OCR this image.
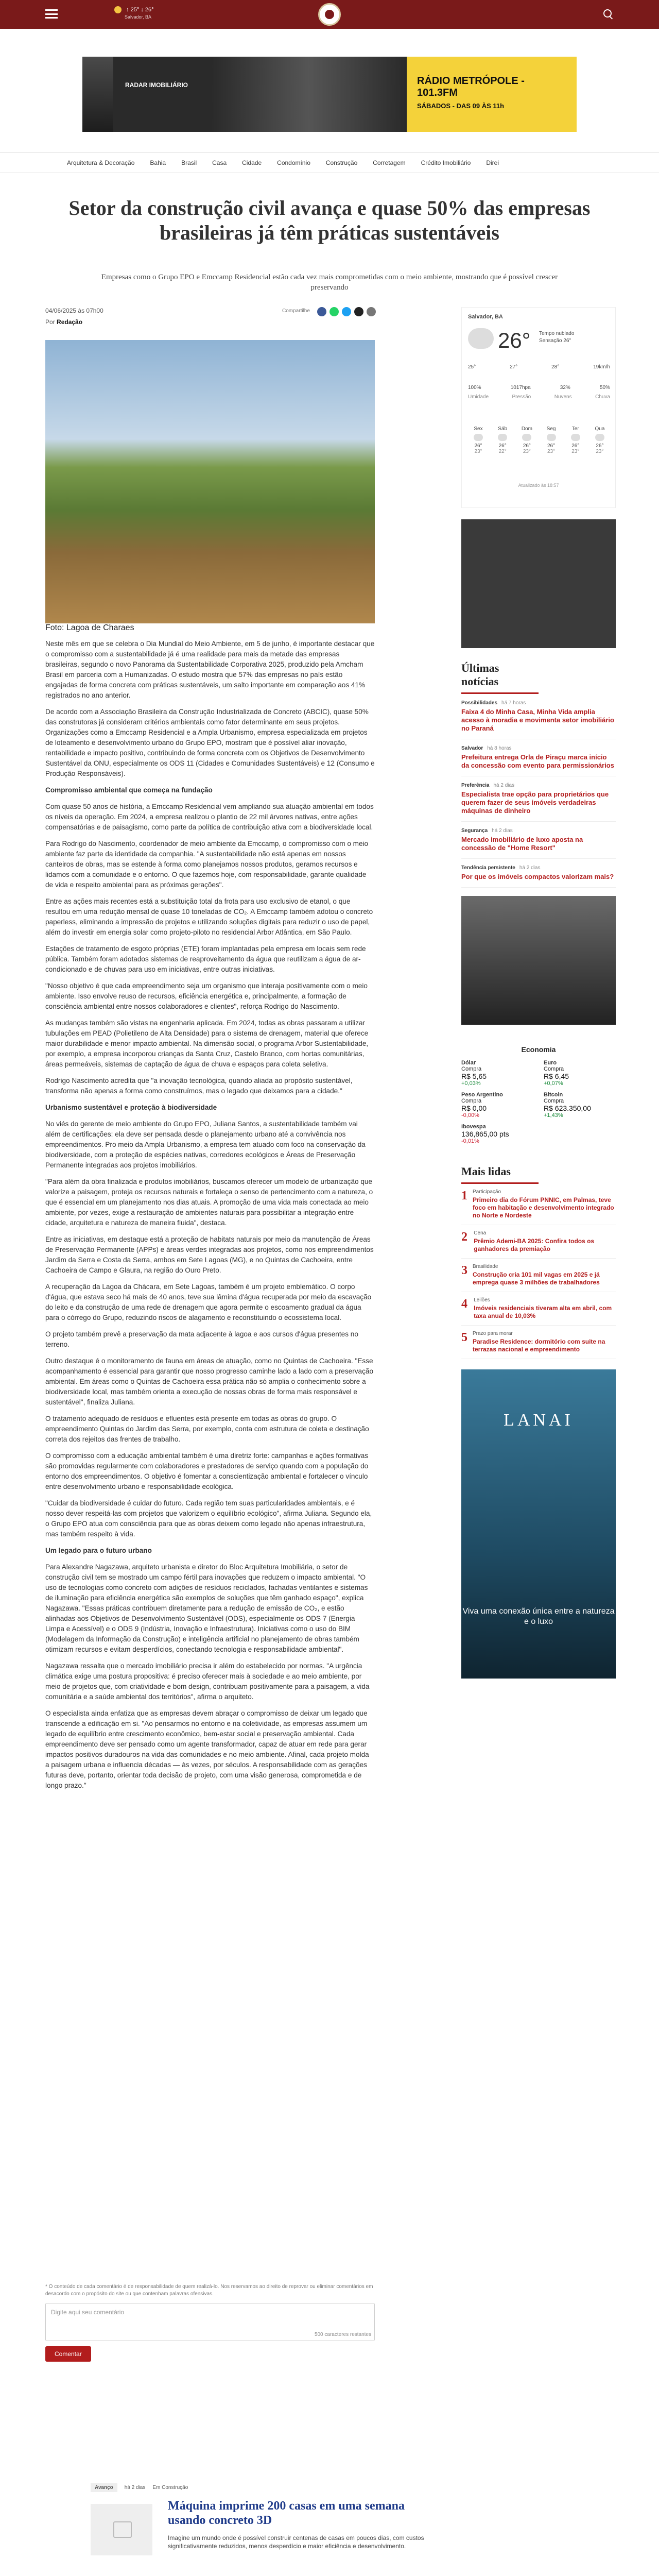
↑ 25° ↓ 26°
Salvador, BA
RADAR IMOBILIÁRIO	RÁDIO METRÓPOLE - 101.3FM
SÁBADOS - DAS 09 ÀS 11h
Arquitetura & Decoração	Bahia	Brasil	Casa	Cidade	Condomínio	Construção	Corretagem	Crédito Imobiliário	Direi
Setor da construção civil avança e quase 50% das empresas brasileiras já têm práticas sustentáveis

Empresas como o Grupo EPO e Emccamp Residencial estão cada vez mais comprometidas com o meio ambiente, mostrando que é possível crescer preservando

04/06/2025 às 07h00
Por Redação
Compartilhe
Foto: Lagoa de Charaes

Neste mês em que se celebra o Dia Mundial do Meio Ambiente, em 5 de junho, é importante destacar que o compromisso com a sustentabilidade já é uma realidade para mais da metade das empresas brasileiras, segundo o novo Panorama da Sustentabilidade Corporativa 2025, produzido pela Amcham Brasil em parceria com a Humanizadas. O estudo mostra que 57% das empresas no país estão engajadas de forma concreta com práticas sustentáveis, um salto importante em comparação aos 41% registrados no ano anterior.

De acordo com a Associação Brasileira da Construção Industrializada de Concreto (ABCIC), quase 50% das construtoras já consideram critérios ambientais como fator determinante em seus projetos. Organizações como a Emccamp Residencial e a Ampla Urbanismo, empresa especializada em projetos de loteamento e desenvolvimento urbano do Grupo EPO, mostram que é possível aliar inovação, rentabilidade e impacto positivo, contribuindo de forma concreta com os Objetivos de Desenvolvimento Sustentável da ONU, especialmente os ODS 11 (Cidades e Comunidades Sustentáveis) e 12 (Consumo e Produção Responsáveis).

Compromisso ambiental que começa na fundação

Com quase 50 anos de história, a Emccamp Residencial vem ampliando sua atuação ambiental em todos os níveis da operação. Em 2024, a empresa realizou o plantio de 22 mil árvores nativas, entre ações compensatórias e de paisagismo, como parte da política de contribuição ativa com a biodiversidade local.

Para Rodrigo do Nascimento, coordenador de meio ambiente da Emccamp, o compromisso com o meio ambiente faz parte da identidade da companhia. "A sustentabilidade não está apenas em nossos canteiros de obras, mas se estende à forma como planejamos nossos produtos, geramos recursos e lidamos com a comunidade e o entorno. O que fazemos hoje, com responsabilidade, garante qualidade de vida e respeito ambiental para as próximas gerações".

Entre as ações mais recentes está a substituição total da frota para uso exclusivo de etanol, o que resultou em uma redução mensal de quase 10 toneladas de CO₂. A Emccamp também adotou o concreto paperless, eliminando a impressão de projetos e utilizando soluções digitais para reduzir o uso de papel, além do investir em energia solar como projeto-piloto no residencial Arbor Atlântica, em São Paulo.

Estações de tratamento de esgoto próprias (ETE) foram implantadas pela empresa em locais sem rede pública. Também foram adotados sistemas de reaproveitamento da água que reutilizam a água de ar-condicionado e de chuvas para uso em iniciativas, entre outras iniciativas.

"Nosso objetivo é que cada empreendimento seja um organismo que interaja positivamente com o meio ambiente. Isso envolve reuso de recursos, eficiência energética e, principalmente, a formação de consciência ambiental entre nossos colaboradores e clientes", reforça Rodrigo do Nascimento.

As mudanças também são vistas na engenharia aplicada. Em 2024, todas as obras passaram a utilizar tubulações em PEAD (Polietileno de Alta Densidade) para o sistema de drenagem, material que oferece maior durabilidade e menor impacto ambiental. Na dimensão social, o programa Arbor Sustentabilidade, por exemplo, a empresa incorporou crianças da Santa Cruz, Castelo Branco, com hortas comunitárias, áreas permeáveis, sistemas de captação de água de chuva e espaços para coleta seletiva.

Rodrigo Nascimento acredita que "a inovação tecnológica, quando aliada ao propósito sustentável, transforma não apenas a forma como construímos, mas o legado que deixamos para a cidade."

Urbanismo sustentável e proteção à biodiversidade

No viés do gerente de meio ambiente do Grupo EPO, Juliana Santos, a sustentabilidade também vai além de certificações: ela deve ser pensada desde o planejamento urbano até a convivência nos empreendimentos. Pro meio da Ampla Urbanismo, a empresa tem atuado com foco na conservação da biodiversidade, com a proteção de espécies nativas, corredores ecológicos e Áreas de Preservação Permanente integradas aos projetos imobiliários.

"Para além da obra finalizada e produtos imobiliários, buscamos oferecer um modelo de urbanização que valorize a paisagem, proteja os recursos naturais e fortaleça o senso de pertencimento com a natureza, o que é essencial em um planejamento nos dias atuais. A promoção de uma vida mais conectada ao meio ambiente, por vezes, exige a restauração de ambientes naturais para possibilitar a integração entre cidade, arquitetura e natureza de maneira fluida", destaca.

Entre as iniciativas, em destaque está a proteção de habitats naturais por meio da manutenção de Áreas de Preservação Permanente (APPs) e áreas verdes integradas aos projetos, como nos empreendimentos Jardim da Serra e Costa da Serra, ambos em Sete Lagoas (MG), e no Quintas de Cachoeira, entre Cachoeira de Campo e Glaura, na região do Ouro Preto.

A recuperação da Lagoa da Chácara, em Sete Lagoas, também é um projeto emblemático. O corpo d'água, que estava seco há mais de 40 anos, teve sua lâmina d'água recuperada por meio da escavação do leito e da construção de uma rede de drenagem que agora permite o escoamento gradual da água para o córrego do Grupo, reduzindo riscos de alagamento e reconstituindo o ecossistema local.

O projeto também prevê a preservação da mata adjacente à lagoa e aos cursos d'água presentes no terreno.

Outro destaque é o monitoramento de fauna em áreas de atuação, como no Quintas de Cachoeira. "Esse acompanhamento é essencial para garantir que nosso progresso caminhe lado a lado com a preservação ambiental. Em áreas como o Quintas de Cachoeira essa prática não só amplia o conhecimento sobre a biodiversidade local, mas também orienta a execução de nossas obras de forma mais responsável e sustentável", finaliza Juliana.

O tratamento adequado de resíduos e efluentes está presente em todas as obras do grupo. O empreendimento Quintas do Jardim das Serra, por exemplo, conta com estrutura de coleta e destinação correta dos rejeitos das frentes de trabalho.

O compromisso com a educação ambiental também é uma diretriz forte: campanhas e ações formativas são promovidas regularmente com colaboradores e prestadores de serviço quando com a população do entorno dos empreendimentos. O objetivo é fomentar a conscientização ambiental e fortalecer o vínculo entre desenvolvimento urbano e responsabilidade ecológica.

"Cuidar da biodiversidade é cuidar do futuro. Cada região tem suas particularidades ambientais, e é nosso dever respeitá-las com projetos que valorizem o equilíbrio ecológico", afirma Juliana. Segundo ela, o Grupo EPO atua com consciência para que as obras deixem como legado não apenas infraestrutura, mas também respeito à vida.

Um legado para o futuro urbano

Para Alexandre Nagazawa, arquiteto urbanista e diretor do Bloc Arquitetura Imobiliária, o setor de construção civil tem se mostrado um campo fértil para inovações que reduzem o impacto ambiental. "O uso de tecnologias como concreto com adições de resíduos reciclados, fachadas ventilantes e sistemas de iluminação para eficiência energética são exemplos de soluções que têm ganhado espaço", explica Nagazawa. "Essas práticas contribuem diretamente para a redução de emissão de CO₂, e estão alinhadas aos Objetivos de Desenvolvimento Sustentável (ODS), especialmente os ODS 7 (Energia Limpa e Acessível) e o ODS 9 (Indústria, Inovação e Infraestrutura). Iniciativas como o uso do BIM (Modelagem da Informação da Construção) e inteligência artificial no planejamento de obras também otimizam recursos e evitam desperdícios, conectando tecnologia e responsabilidade ambiental".

Nagazawa ressalta que o mercado imobiliário precisa ir além do estabelecido por normas. "A urgência climática exige uma postura propositiva: é preciso oferecer mais à sociedade e ao meio ambiente, por meio de projetos que, com criatividade e bom design, contribuam positivamente para a paisagem, a vida comunitária e a saúde ambiental dos territórios", afirma o arquiteto.

O especialista ainda enfatiza que as empresas devem abraçar o compromisso de deixar um legado que transcende a edificação em si. "Ao pensarmos no entorno e na coletividade, as empresas assumem um legado de equilíbrio entre crescimento econômico, bem-estar social e preservação ambiental. Cada empreendimento deve ser pensado como um agente transformador, capaz de atuar em rede para gerar impactos positivos duradouros na vida das comunidades e no meio ambiente. Afinal, cada projeto molda a paisagem urbana e influencia décadas — às vezes, por séculos. A responsabilidade com as gerações futuras deve, portanto, orientar toda decisão de projeto, com uma visão generosa, comprometida e de longo prazo."

* O conteúdo de cada comentário é de responsabilidade de quem realizá-lo. Nos reservamos ao direito de reprovar ou eliminar comentários em desacordo com o propósito do site ou que contenham palavras ofensivas.

Digite aqui seu comentário
500 caracteres restantes
Comentar
Avanço	há 2 dias Em Construção
Máquina imprime 200 casas em uma semana usando concreto 3D
Imagine um mundo onde é possível construir centenas de casas em poucos dias, com custos significativamente reduzidos, menos desperdício e maior eficiência e desenvolvimento.
Salvador, BA
26° Tempo nublado
Sensação 26°
25°	27°	28°	19km/h
100%	1017hpa	32%	50%
Umidade	Pressão	Nuvens	Chuva
Sex
26°
23°
Sáb
26°
22°
Dom
26°
23°
Seg
26°
23°
Ter
26°
23°
Qua
26°
23°
Atualizado às 18:57
Últimas notícias
Possibilidades há 7 horas
Faixa 4 do Minha Casa, Minha Vida amplia acesso à moradia e movimenta setor imobiliário no Paraná
Salvador há 8 horas
Prefeitura entrega Orla de Piraçu marca início da concessão com evento para permissionários
Preferência há 2 dias
Especialista trae opção para proprietários que querem fazer de seus imóveis verdadeiras máquinas de dinheiro
Segurança há 2 dias
Mercado imobiliário de luxo aposta na concessão de "Home Resort"
Tendência persistente há 2 dias
Por que os imóveis compactos valorizam mais?
Economia
Dólar
Compra
R$ 5,65
+0,03%
Euro
Compra
R$ 6,45
+0,07%
Peso Argentino
Compra
R$ 0,00
-0,00%
Bitcoin
Compra
R$ 623.350,00
+1,43%
Ibovespa
136,865,00 pts
-0,01%
Mais lidas
1 Participação
Primeiro dia do Fórum PNNIC, em Palmas, teve foco em habitação e desenvolvimento integrado no Norte e Nordeste
2 Cena
Prêmio Ademi-BA 2025: Confira todos os ganhadores da premiação
3 Brasilidade
Construção cria 101 mil vagas em 2025 e já emprega quase 3 milhões de trabalhadores
4 Leilões
Imóveis residenciais tiveram alta em abril, com taxa anual de 10,03%
5 Prazo para morar
Paradise Residence: dormitório com suite na terrazas nacional e empreendimento
LANAI
Viva uma conexão única entre a natureza e o luxo
